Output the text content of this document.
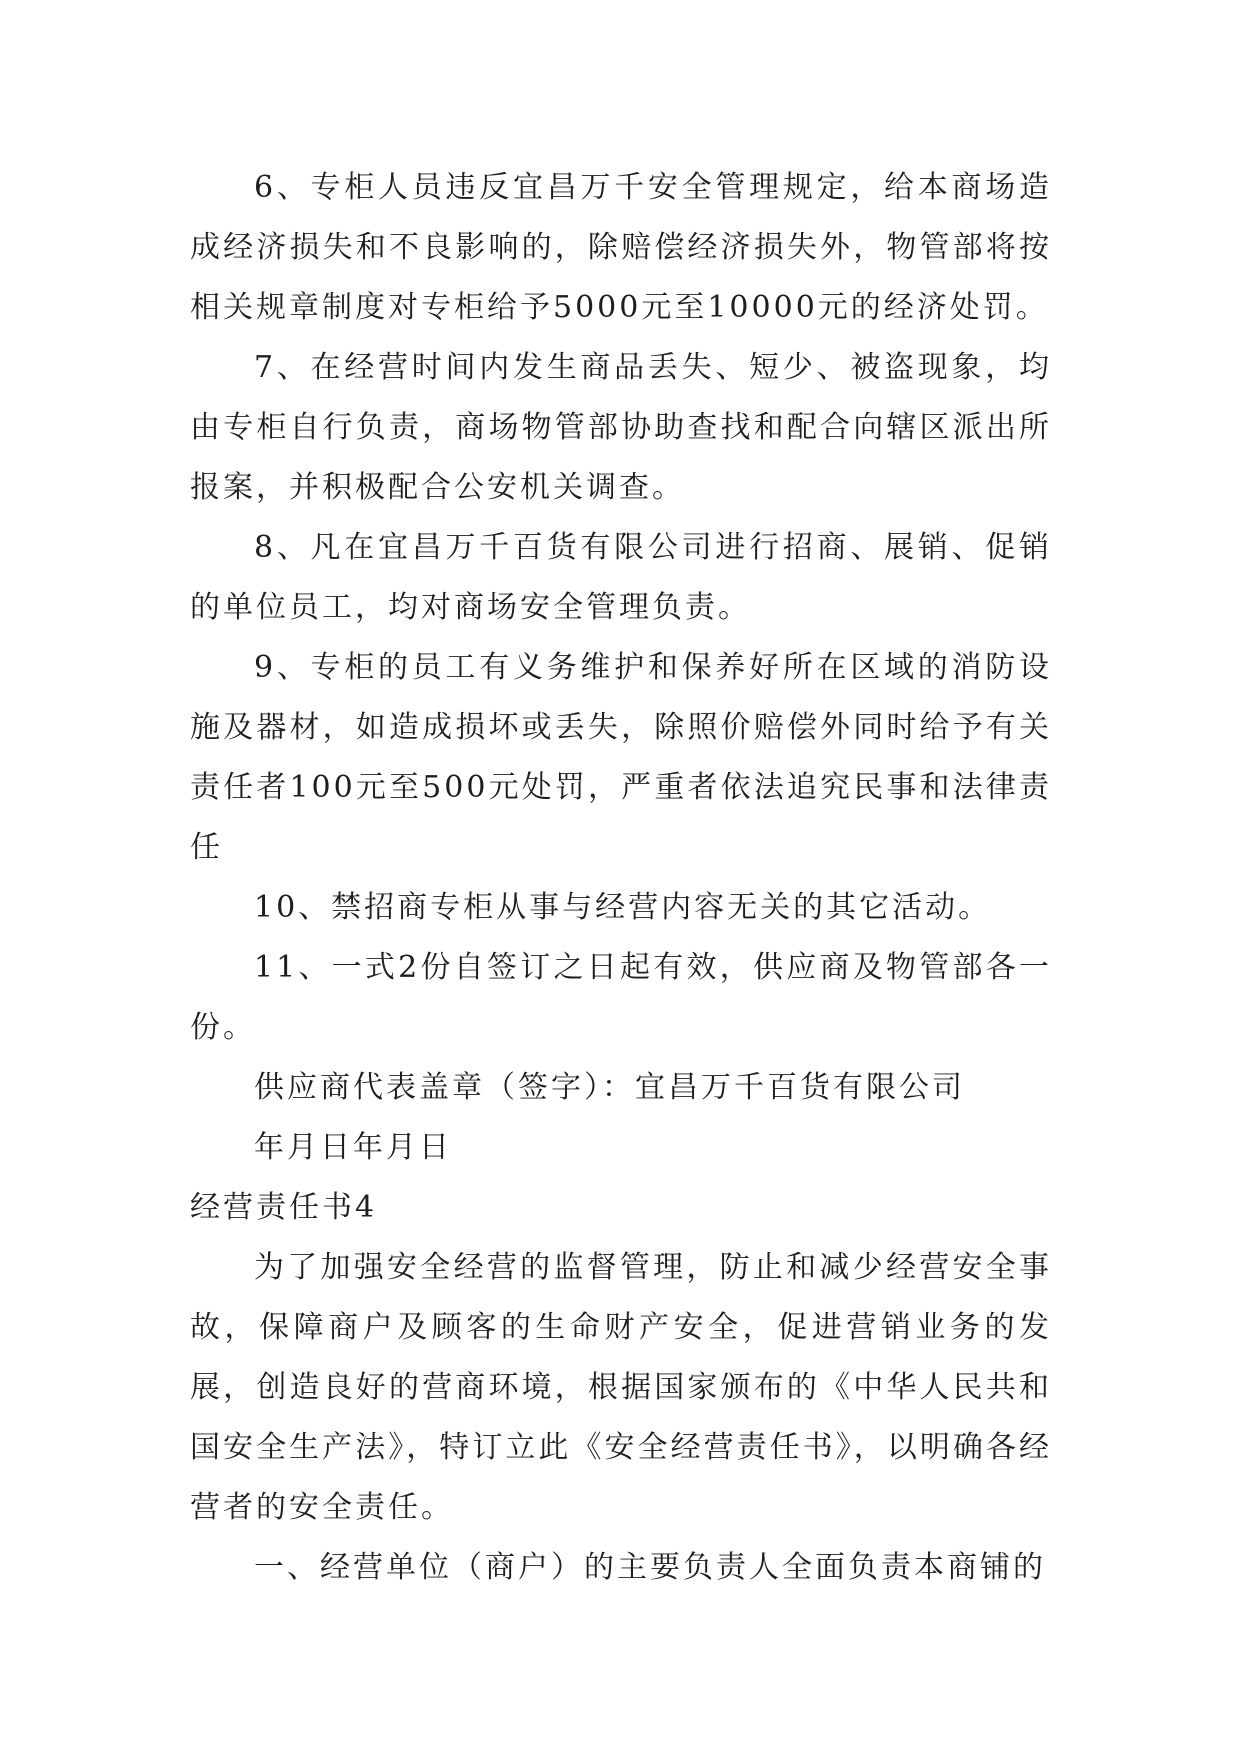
6、专柜人员违反宜昌万千安全管理规定，给本商场造成经济损失和不良影响的，除赔偿经济损失外，物管部将按相关规章制度对专柜给予5000元至10000元的经济处罚。

7、在经营时间内发生商品丢失、短少、被盗现象，均由专柜自行负责，商场物管部协助查找和配合向辖区派出所报案，并积极配合公安机关调查。

8、凡在宜昌万千百货有限公司进行招商、展销、促销的单位员工，均对商场安全管理负责。

9、专柜的员工有义务维护和保养好所在区域的消防设施及器材，如造成损坏或丢失，除照价赔偿外同时给予有关责任者100元至500元处罚，严重者依法追究民事和法律责任

10、禁招商专柜从事与经营内容无关的其它活动。

11、一式2份自签订之日起有效，供应商及物管部各一份。

供应商代表盖章（签字）：宜昌万千百货有限公司

年月日年月日

经营责任书4

为了加强安全经营的监督管理，防止和减少经营安全事故，保障商户及顾客的生命财产安全，促进营销业务的发展，创造良好的营商环境，根据国家颁布的《中华人民共和国安全生产法》，特订立此《安全经营责任书》，以明确各经营者的安全责任。

一、经营单位（商户）的主要负责人全面负责本商铺的
